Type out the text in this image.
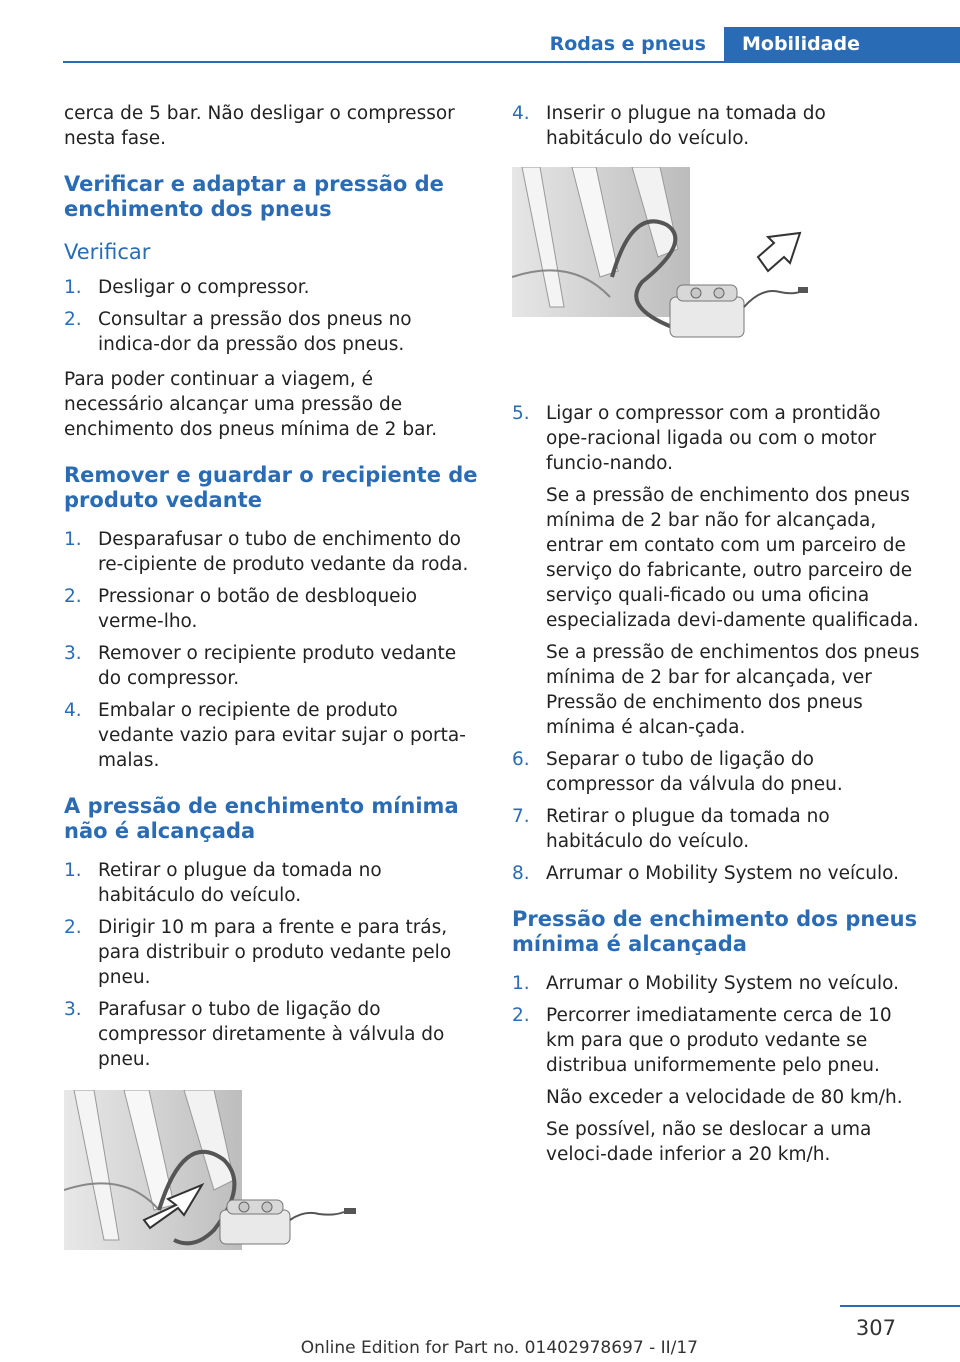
Rodas e pneus	Mobilidade

cerca de 5 bar. Não desligar o compressor nesta fase.

Verificar e adaptar a pressão de enchimento dos pneus
Verificar
1. Desligar o compressor.
2. Consultar a pressão dos pneus no indica-dor da pressão dos pneus.

Para poder continuar a viagem, é necessário alcançar uma pressão de enchimento dos pneus mínima de 2 bar.

Remover e guardar o recipiente de produto vedante
1. Desparafusar o tubo de enchimento do re-cipiente de produto vedante da roda.
2. Pressionar o botão de desbloqueio verme-lho.
3. Remover o recipiente produto vedante do compressor.
4. Embalar o recipiente de produto vedante vazio para evitar sujar o porta-malas.
A pressão de enchimento mínima não é alcançada
1. Retirar o plugue da tomada no habitáculo do veículo.
2. Dirigir 10 m para a frente e para trás, para distribuir o produto vedante pelo pneu.
3. Parafusar o tubo de ligação do compressor diretamente à válvula do pneu.
4. Inserir o plugue na tomada do habitáculo do veículo.
5. Ligar o compressor com a prontidão ope-racional ligada ou com o motor funcio-nando.
Se a pressão de enchimento dos pneus mínima de 2 bar não for alcançada, entrar em contato com um parceiro de serviço do fabricante, outro parceiro de serviço quali-ficado ou uma oficina especializada devi-damente qualificada.
Se a pressão de enchimentos dos pneus mínima de 2 bar for alcançada, ver Pressão de enchimento dos pneus mínima é alcan-çada.
6. Separar o tubo de ligação do compressor da válvula do pneu.
7. Retirar o plugue da tomada no habitáculo do veículo.
8. Arrumar o Mobility System no veículo.
Pressão de enchimento dos pneus mínima é alcançada
1. Arrumar o Mobility System no veículo.
2. Percorrer imediatamente cerca de 10 km para que o produto vedante se distribua uniformemente pelo pneu.
Não exceder a velocidade de 80 km/h.
Se possível, não se deslocar a uma veloci-dade inferior a 20 km/h.
307
Online Edition for Part no. 01402978697 - II/17
